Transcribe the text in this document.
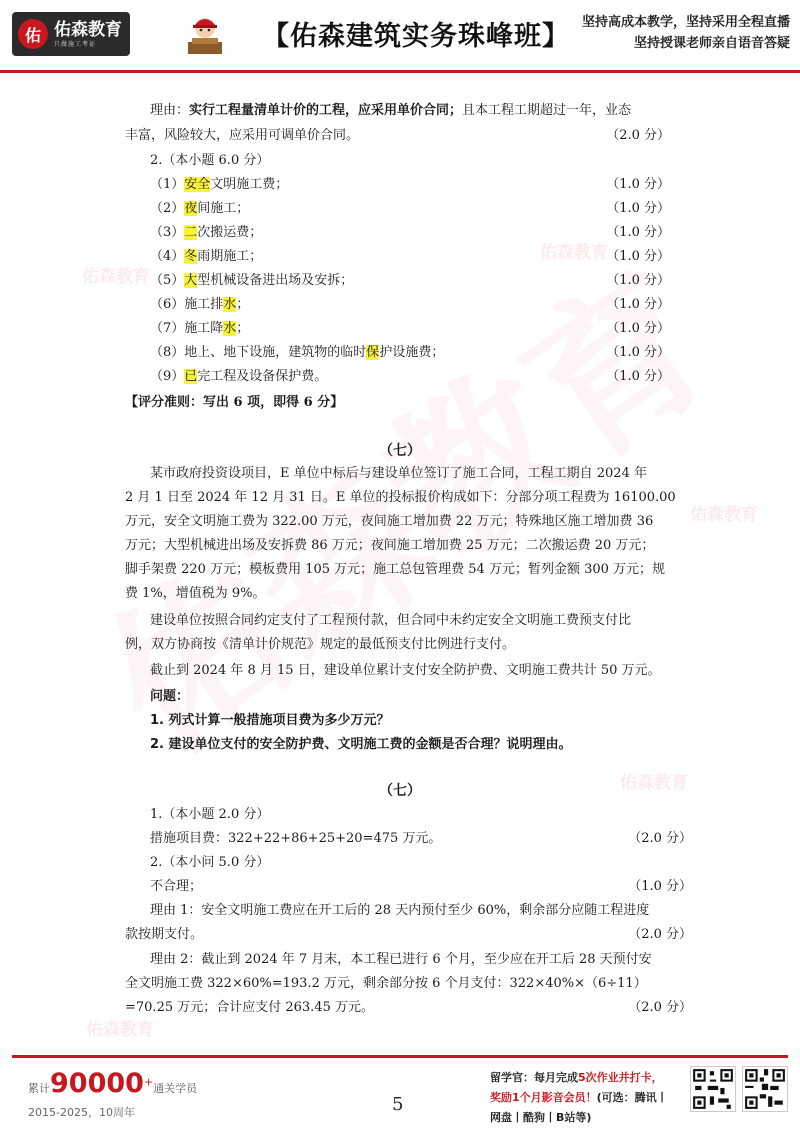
佑 佑森教育
只做施工考证	【佑森建筑实务珠峰班】 坚持高成本教学，坚持采用全程直播
坚持授课老师亲自语音答疑
佑森教育
佑森教育
佑森教育
佑森教育
佑森教育
理由：实行工程量清单计价的工程，应采用单价合同；且本工程工期超过一年，业态
丰富，风险较大，应采用可调单价合同。	（2.0 分）
2.（本小题 6.0 分）
（1）安全文明施工费；	（1.0 分）
（2）夜间施工；	（1.0 分）
（3）二次搬运费；	（1.0 分）
（4）冬雨期施工；	（1.0 分）
（5）大型机械设备进出场及安拆；	（1.0 分）
（6）施工排水；	（1.0 分）
（7）施工降水；	（1.0 分）
（8）地上、地下设施，建筑物的临时保护设施费；	（1.0 分）
（9）已完工程及设备保护费。	（1.0 分）
【评分准则：写出 6 项，即得 6 分】
（七）
某市政府投资设项目，E 单位中标后与建设单位签订了施工合同，工程工期自 2024 年
2 月 1 日至 2024 年 12 月 31 日。E 单位的投标报价构成如下：分部分项工程费为 16100.00
万元，安全文明施工费为 322.00 万元，夜间施工增加费 22 万元；特殊地区施工增加费 36
万元；大型机械进出场及安拆费 86 万元；夜间施工增加费 25 万元；二次搬运费 20 万元；
脚手架费 220 万元；模板费用 105 万元；施工总包管理费 54 万元；暂列金额 300 万元；规
费 1%，增值税为 9%。
建设单位按照合同约定支付了工程预付款，但合同中未约定安全文明施工费预支付比
例，双方协商按《清单计价规范》规定的最低预支付比例进行支付。
截止到 2024 年 8 月 15 日，建设单位累计支付安全防护费、文明施工费共计 50 万元。
问题：
1. 列式计算一般措施项目费为多少万元？
2. 建设单位支付的安全防护费、文明施工费的金额是否合理？说明理由。
（七）
1.（本小题 2.0 分）
措施项目费：322+22+86+25+20=475 万元。	（2.0 分）
2.（本小问 5.0 分）
不合理；	（1.0 分）
理由 1：安全文明施工费应在开工后的 28 天内预付至少 60%，剩余部分应随工程进度
款按期支付。	（2.0 分）
理由 2：截止到 2024 年 7 月末，本工程已进行 6 个月，至少应在开工后 28 天预付安
全文明施工费 322×60%=193.2 万元，剩余部分按 6 个月支付：322×40%×（6÷11）
=70.25 万元；合计应支付 263.45 万元。	（2.0 分）
累计90000+通关学员
2015-2025，10周年	5
留学官：每月完成5次作业并打卡，
奖励1个月影音会员！(可选：腾讯丨
网盘丨酷狗丨B站等)
